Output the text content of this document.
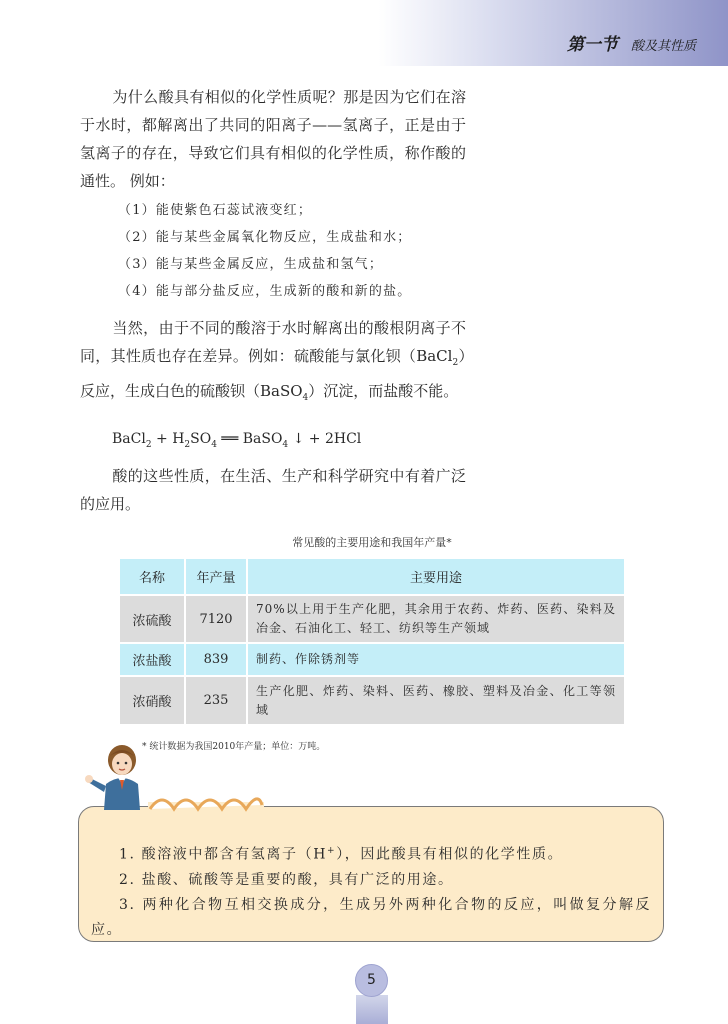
第一节 酸及其性质
为什么酸具有相似的化学性质呢？那是因为它们在溶于水时，都解离出了共同的阳离子——氢离子，正是由于氢离子的存在，导致它们具有相似的化学性质，称作酸的通性。 例如：
（1）能使紫色石蕊试液变红；
（2）能与某些金属氧化物反应，生成盐和水；
（3）能与某些金属反应，生成盐和氢气；
（4）能与部分盐反应，生成新的酸和新的盐。
当然，由于不同的酸溶于水时解离出的酸根阴离子不同，其性质也存在差异。例如：硫酸能与氯化钡（BaCl$_2$）反应，生成白色的硫酸钡（BaSO$_4$）沉淀，而盐酸不能。
BaCl$_2$ + $H_2SO_4$ ══ BaSO$_4$ ↓ + 2HCl
酸的这些性质，在生活、生产和科学研究中有着广泛的应用。
常见酸的主要用途和我国年产量*
名称	年产量	主要用途
浓硫酸	7120	70%以上用于生产化肥，其余用于农药、炸药、医药、染料及冶金、石油化工、轻工、纺织等生产领域
浓盐酸	839	制药、作除锈剂等
浓硝酸	235	生产化肥、炸药、染料、医药、橡胶、塑料及冶金、化工等领域
* 统计数据为我国2010年产量；单位：万吨。
1. 酸溶液中都含有氢离子（H+），因此酸具有相似的化学性质。
2. 盐酸、硫酸等是重要的酸，具有广泛的用途。
3. 两种化合物互相交换成分，生成另外两种化合物的反应，叫做复分解反应。
5
